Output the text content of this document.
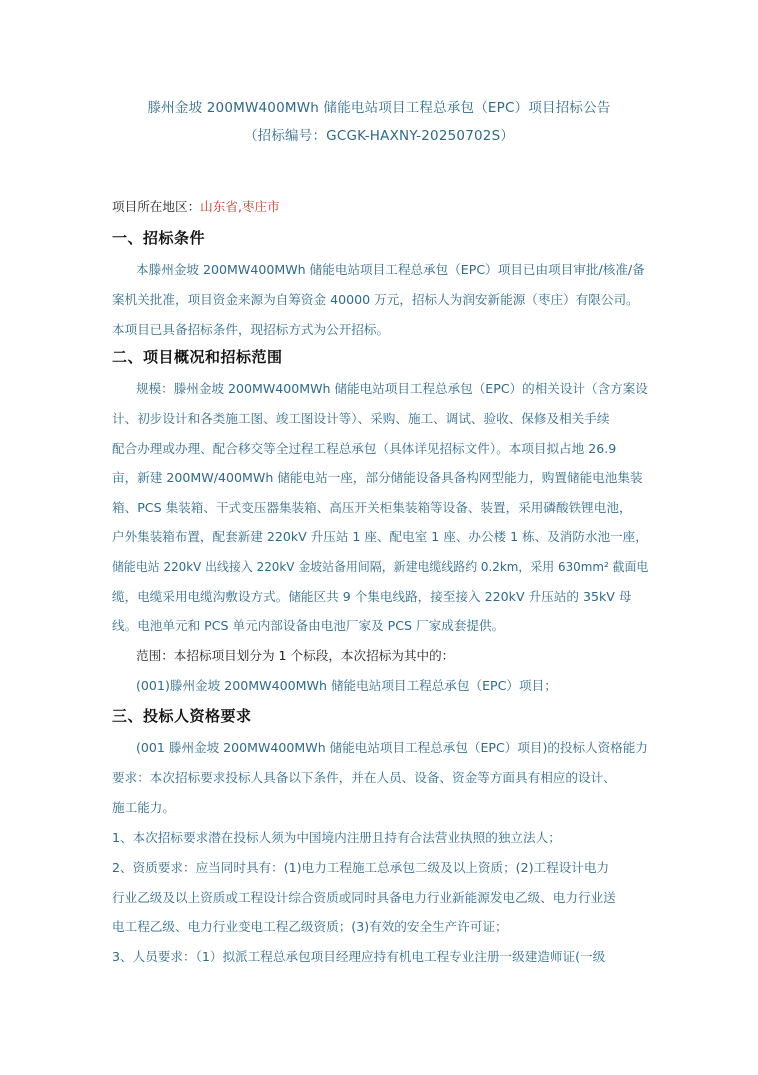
滕州金坡 200MW400MWh 储能电站项目工程总承包（EPC）项目招标公告
（招标编号：GCGK-HAXNY-20250702S）
项目所在地区：山东省,枣庄市
一、招标条件
本滕州金坡 200MW400MWh 储能电站项目工程总承包（EPC）项目已由项目审批/核准/备
案机关批准，项目资金来源为自筹资金 40000 万元，招标人为润安新能源（枣庄）有限公司。
本项目已具备招标条件，现招标方式为公开招标。
二、项目概况和招标范围
规模：滕州金坡 200MW400MWh 储能电站项目工程总承包（EPC）的相关设计（含方案设
计、初步设计和各类施工图、竣工图设计等）、采购、施工、调试、验收、保修及相关手续
配合办理或办理、配合移交等全过程工程总承包（具体详见招标文件）。本项目拟占地 26.9
亩，新建 200MW/400MWh 储能电站一座，部分储能设备具备构网型能力，购置储能电池集装
箱、PCS 集装箱、干式变压器集装箱、高压开关柜集装箱等设备、装置，采用磷酸铁锂电池，
户外集装箱布置，配套新建 220kV 升压站 1 座、配电室 1 座、办公楼 1 栋、及消防水池一座，
储能电站 220kV 出线接入 220kV 金坡站备用间隔，新建电缆线路约 0.2km，采用 630mm² 截面电
缆，电缆采用电缆沟敷设方式。储能区共 9 个集电线路，接至接入 220kV 升压站的 35kV 母
线。电池单元和 PCS 单元内部设备由电池厂家及 PCS 厂家成套提供。
范围：本招标项目划分为 1 个标段，本次招标为其中的：
(001)滕州金坡 200MW400MWh 储能电站项目工程总承包（EPC）项目；
三、投标人资格要求
(001 滕州金坡 200MW400MWh 储能电站项目工程总承包（EPC）项目)的投标人资格能力
要求：本次招标要求投标人具备以下条件，并在人员、设备、资金等方面具有相应的设计、
施工能力。
1、本次招标要求潜在投标人须为中国境内注册且持有合法营业执照的独立法人；
2、资质要求：应当同时具有：(1)电力工程施工总承包二级及以上资质；(2)工程设计电力
行业乙级及以上资质或工程设计综合资质或同时具备电力行业新能源发电乙级、电力行业送
电工程乙级、电力行业变电工程乙级资质；(3)有效的安全生产许可证；
3、人员要求：（1）拟派工程总承包项目经理应持有机电工程专业注册一级建造师证(一级
